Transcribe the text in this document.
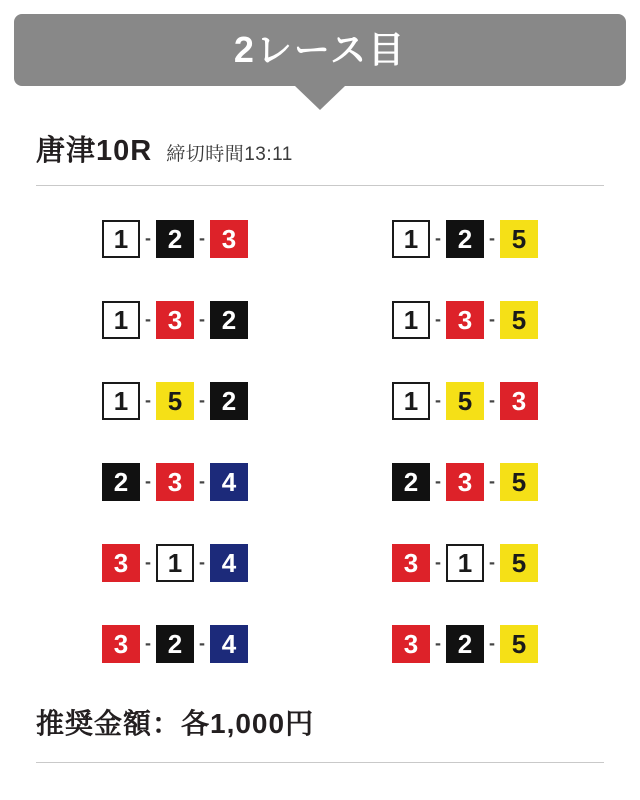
2レース目
唐津10R 締切時間13:11
1 - 2 - 3	1 - 2 - 5
1 - 3 - 2	1 - 3 - 5
1 - 5 - 2	1 - 5 - 3
2 - 3 - 4	2 - 3 - 5
3 - 1 - 4	3 - 1 - 5
3 - 2 - 4	3 - 2 - 5
推奨金額：各1,000円
